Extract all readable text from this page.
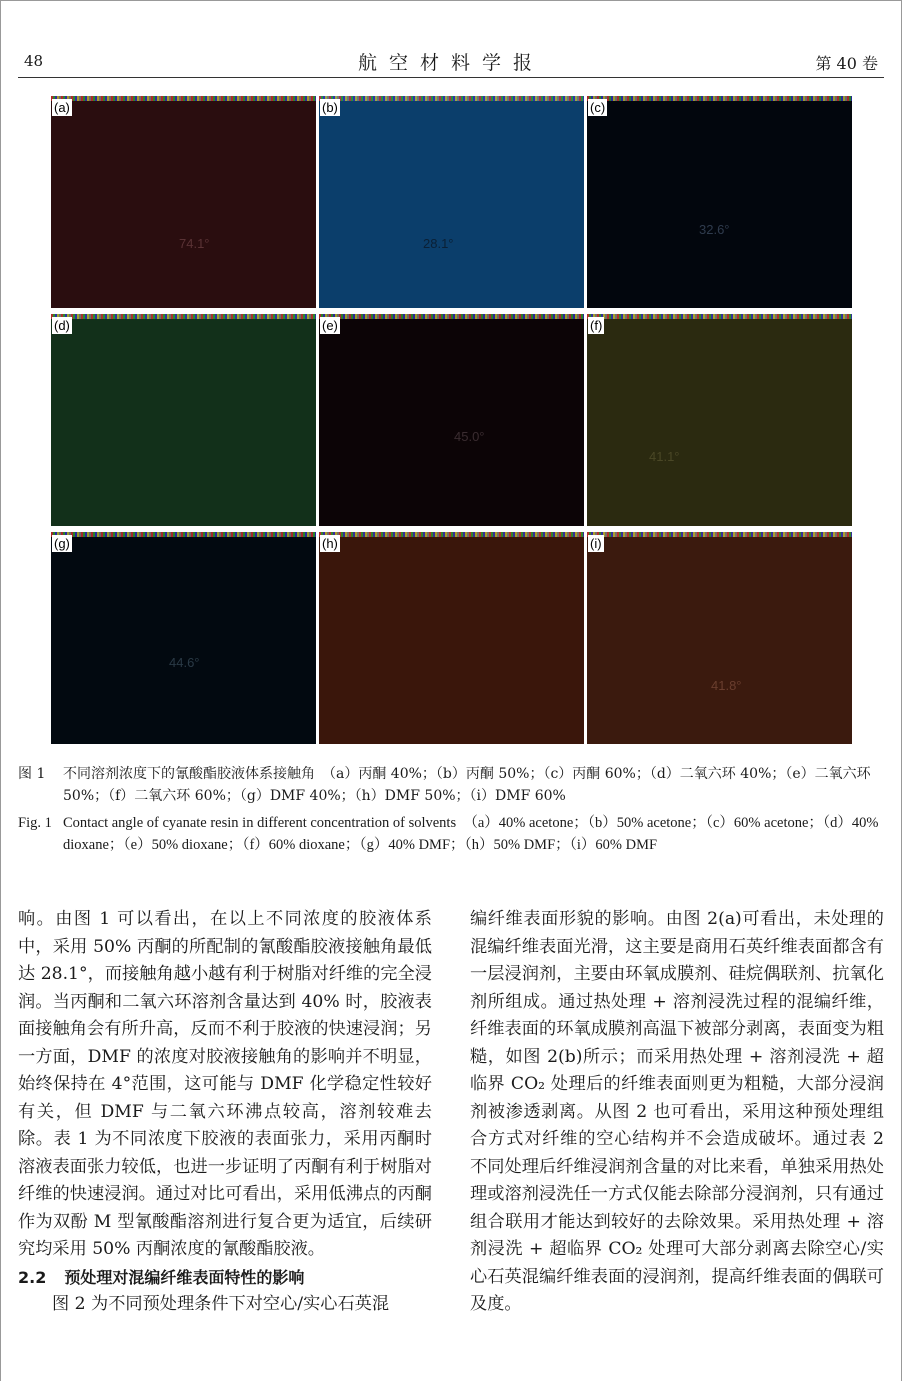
48	航空材料学报	第 40 卷
(a)
74.1°
(b)
28.1°
(c)
32.6°
(d)	(e)
45.0°
(f)
41.1°
(g)
44.6°
(h)	(i)
41.8°
图 1 不同溶剂浓度下的氰酸酯胶液体系接触角　（a）丙酮 40%；（b）丙酮 50%；（c）丙酮 60%；（d）二氧六环 40%；（e）二氧六环 50%；（f）二氧六环 60%；（g）DMF 40%；（h）DMF 50%；（i）DMF 60%
Fig. 1 Contact angle of cyanate resin in different concentration of solvents　（a）40% acetone；（b）50% acetone；（c）60% acetone；（d）40% dioxane；（e）50% dioxane；（f）60% dioxane；（g）40% DMF；（h）50% DMF；（i）60% DMF

响。由图 1 可以看出，在以上不同浓度的胶液体系中，采用 50% 丙酮的所配制的氰酸酯胶液接触角最低达 28.1°，而接触角越小越有利于树脂对纤维的完全浸润。当丙酮和二氧六环溶剂含量达到 40% 时，胶液表面接触角会有所升高，反而不利于胶液的快速浸润；另一方面，DMF 的浓度对胶液接触角的影响并不明显，始终保持在 4°范围，这可能与 DMF 化学稳定性较好有关，但 DMF 与二氧六环沸点较高，溶剂较难去除。表 1 为不同浓度下胶液的表面张力，采用丙酮时溶液表面张力较低，也进一步证明了丙酮有利于树脂对纤维的快速浸润。通过对比可看出，采用低沸点的丙酮作为双酚 M 型氰酸酯溶剂进行复合更为适宜，后续研究均采用 50% 丙酮浓度的氰酸酯胶液。

2.2 预处理对混编纤维表面特性的影响

图 2 为不同预处理条件下对空心/实心石英混

编纤维表面形貌的影响。由图 2(a)可看出，未处理的混编纤维表面光滑，这主要是商用石英纤维表面都含有一层浸润剂，主要由环氧成膜剂、硅烷偶联剂、抗氧化剂所组成。通过热处理 + 溶剂浸洗过程的混编纤维，纤维表面的环氧成膜剂高温下被部分剥离，表面变为粗糙，如图 2(b)所示；而采用热处理 + 溶剂浸洗 + 超临界 CO₂ 处理后的纤维表面则更为粗糙，大部分浸润剂被渗透剥离。从图 2 也可看出，采用这种预处理组合方式对纤维的空心结构并不会造成破坏。通过表 2 不同处理后纤维浸润剂含量的对比来看，单独采用热处理或溶剂浸洗任一方式仅能去除部分浸润剂，只有通过组合联用才能达到较好的去除效果。采用热处理 + 溶剂浸洗 + 超临界 CO₂ 处理可大部分剥离去除空心/实心石英混编纤维表面的浸润剂，提高纤维表面的偶联可及度。
